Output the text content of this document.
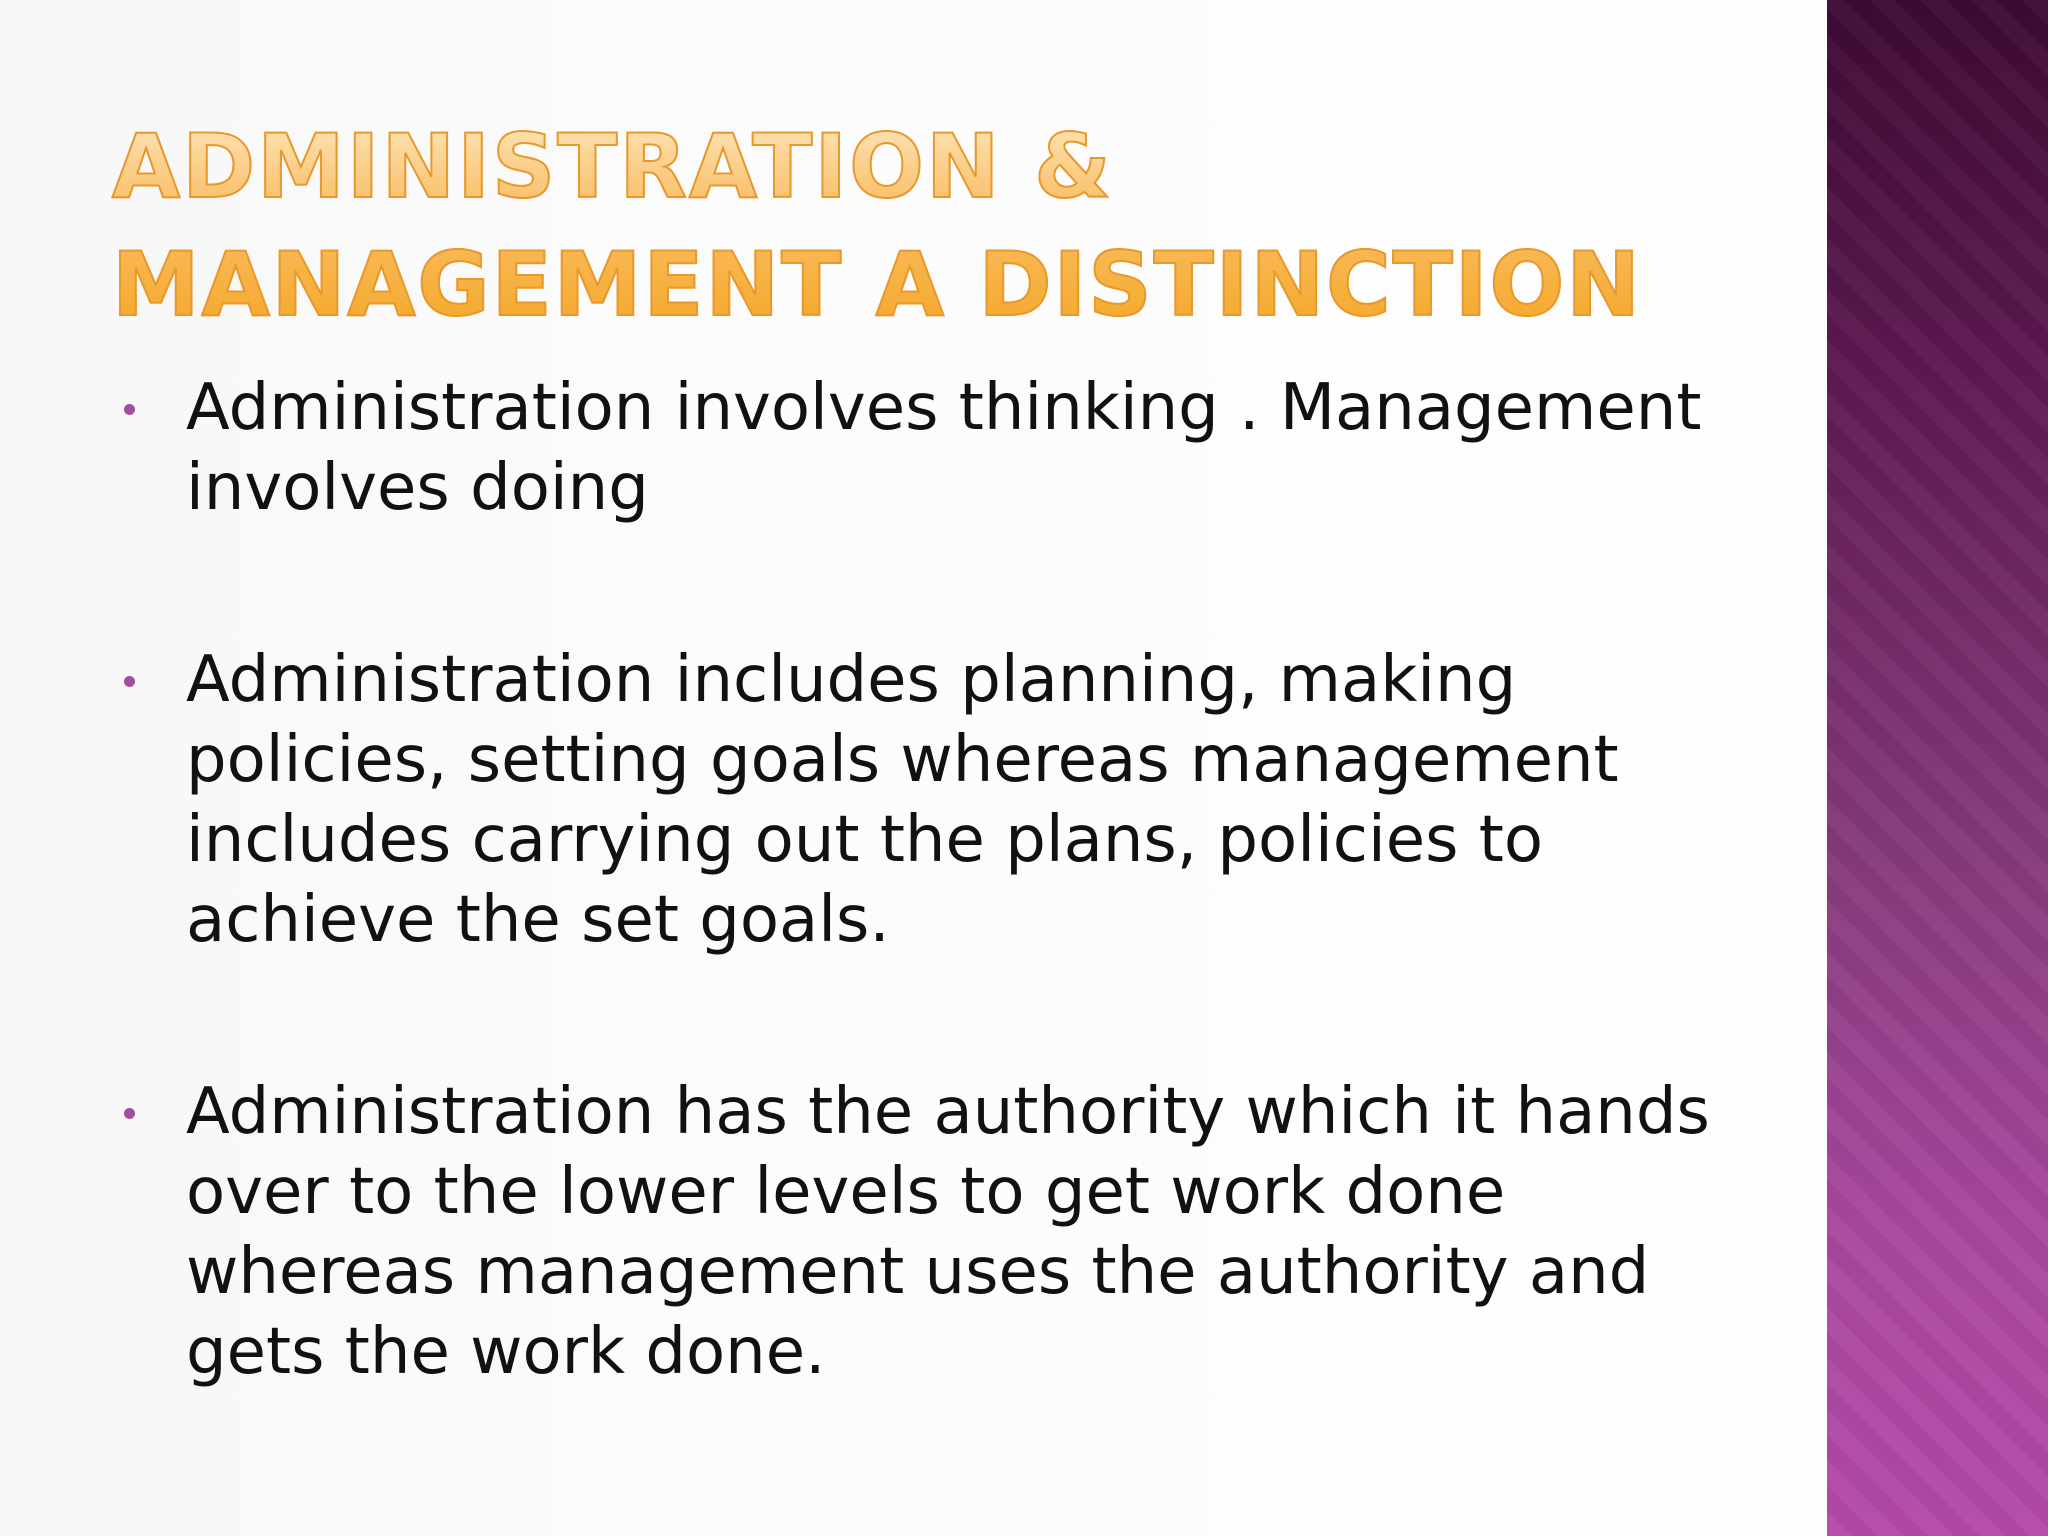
ADMINISTRATION & MANAGEMENT A DISTINCTION
Administration involves thinking . Management involves doing
Administration includes planning, making policies, setting goals whereas management includes carrying out the plans, policies to achieve the set goals.
Administration has the authority which it hands over to the lower levels to get work done whereas management uses the authority and gets the work done.
